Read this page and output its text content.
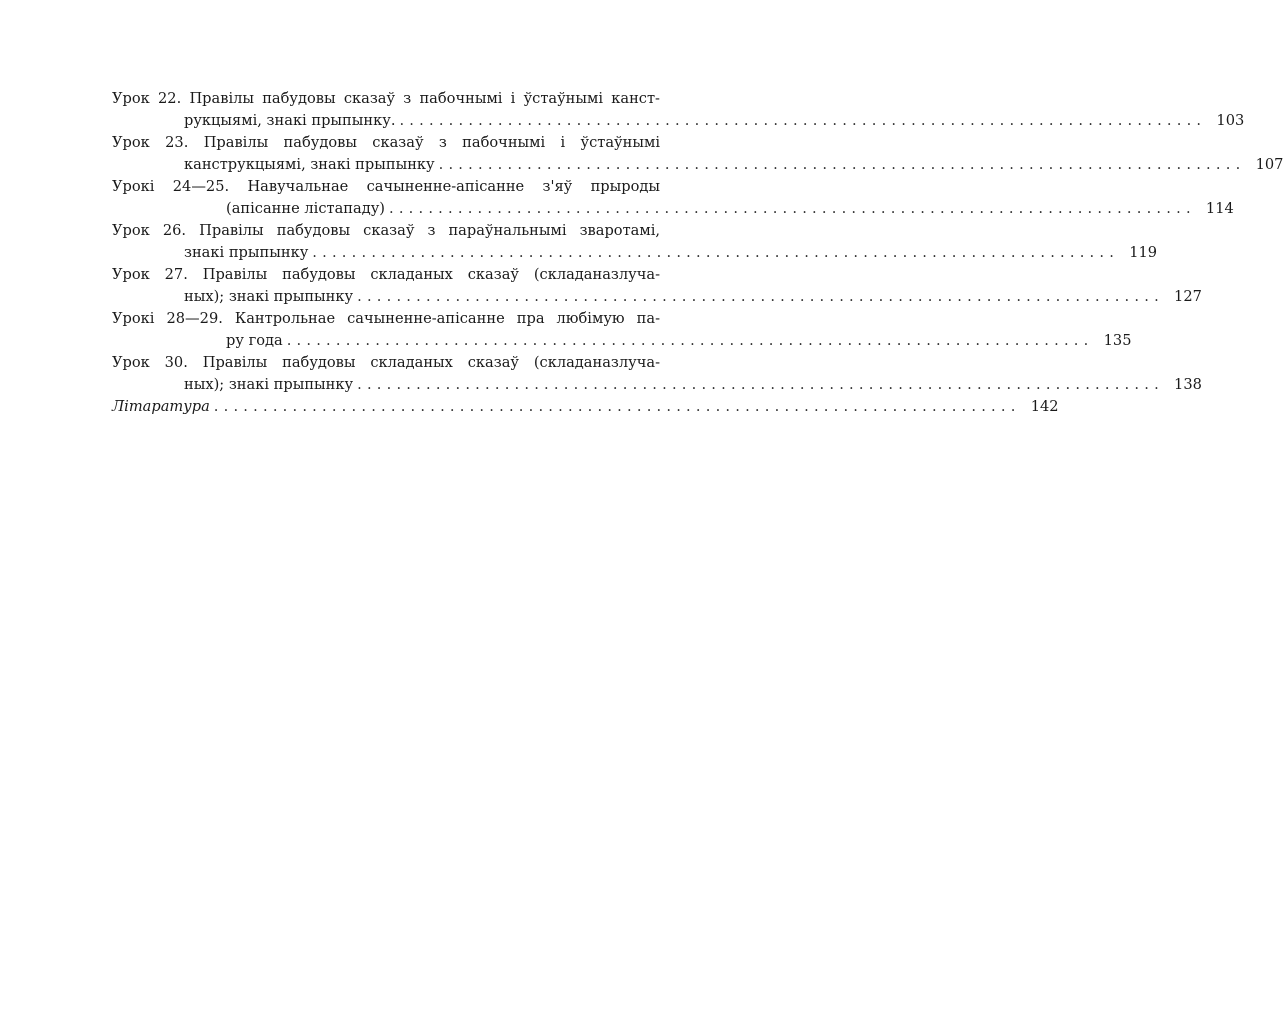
Урок 22. Правілы пабудовы сказаў з пабочнымі і ўстаўнымі канст-
рукцыямі, знакі прыпынку. .................................................................................. 103
Урок 23. Правілы пабудовы сказаў з пабочнымі і ўстаўнымі
канструкцыямі, знакі прыпынку .................................................................................. 107
Урокі 24—25. Навучальнае сачыненне-апісанне з'яў прыроды
(апісанне лістападу) .................................................................................. 114
Урок 26. Правілы пабудовы сказаў з параўнальнымі зваротамі,
знакі прыпынку .................................................................................. 119
Урок 27. Правілы пабудовы складаных сказаў (складаназлуча-
ных); знакі прыпынку .................................................................................. 127
Урокі 28—29. Кантрольнае сачыненне-апісанне пра любімую па-
ру года .................................................................................. 135
Урок 30. Правілы пабудовы складаных сказаў (складаназлуча-
ных); знакі прыпынку .................................................................................. 138
Літаратура .................................................................................. 142
